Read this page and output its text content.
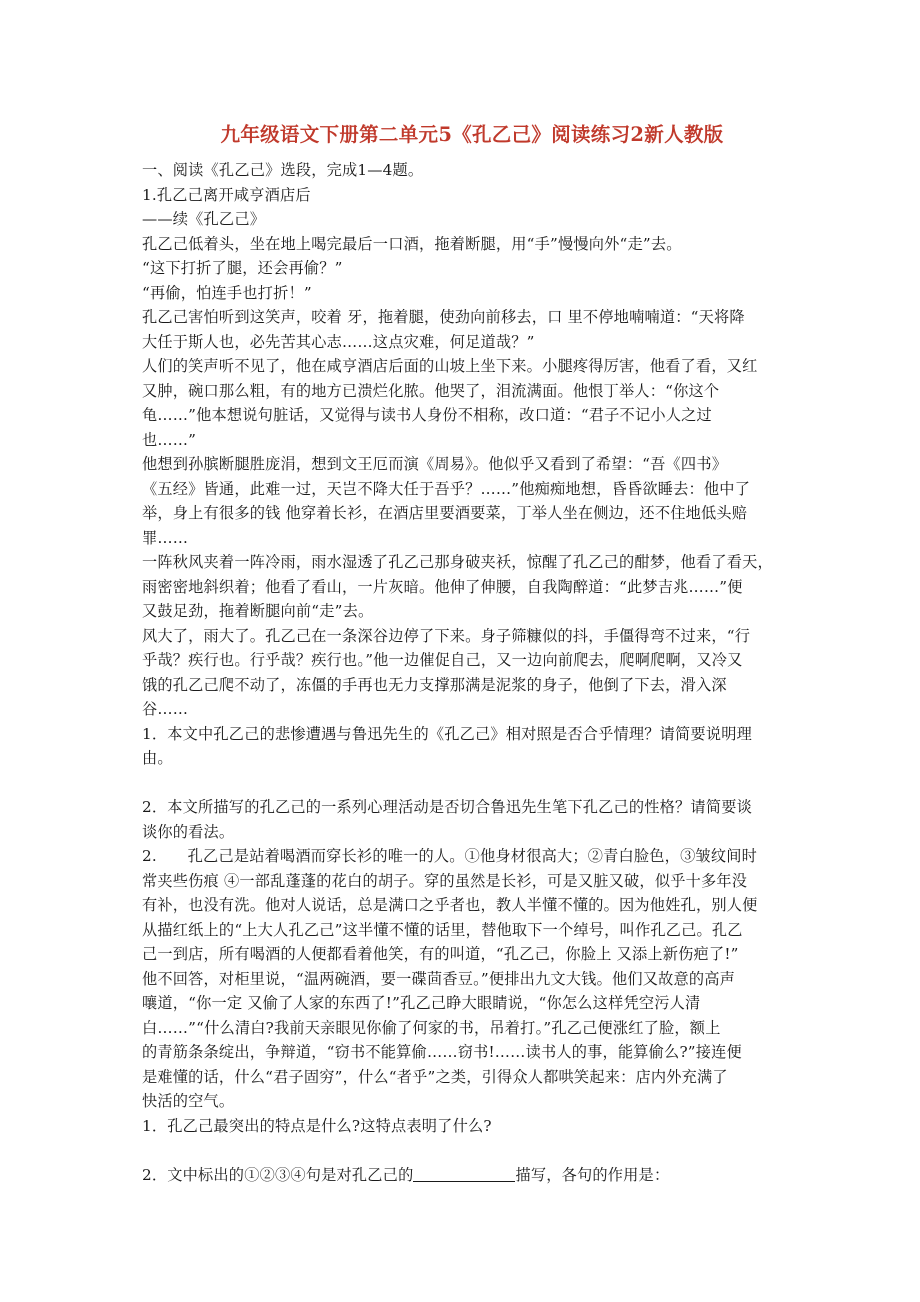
九年级语文下册第二单元5《孔乙己》阅读练习2新人教版
一、阅读《孔乙己》选段，完成1—4题。
1.孔乙己离开咸亨酒店后
——续《孔乙己》
孔乙己低着头，坐在地上喝完最后一口酒，拖着断腿，用“手”慢慢向外“走”去。
“这下打折了腿，还会再偷？”
“再偷，怕连手也打折！”
孔乙己害怕听到这笑声，咬着 牙，拖着腿，使劲向前移去，口 里不停地喃喃道：“天将降
大任于斯人也，必先苦其心志……这点灾难，何足道哉？”
人们的笑声听不见了，他在咸亨酒店后面的山坡上坐下来。小腿疼得厉害，他看了看，又红
又肿，碗口那么粗，有的地方已溃烂化脓。他哭了，泪流满面。他恨丁举人：“你这个
龟……”他本想说句脏话，又觉得与读书人身份不相称，改口道：“君子不记小人之过
也……”
他想到孙膑断腿胜庞涓，想到文王厄而演《周易》。他似乎又看到了希望：“吾《四书》
《五经》皆通，此难一过，天岂不降大任于吾乎？……”他痴痴地想，昏昏欲睡去：他中了
举，身上有很多的钱 他穿着长衫，在酒店里要酒要菜，丁举人坐在侧边，还不住地低头赔
罪……
一阵秋风夹着一阵冷雨，雨水湿透了孔乙己那身破夹袄，惊醒了孔乙己的酣梦，他看了看天，
雨密密地斜织着；他看了看山，一片灰暗。他伸了伸腰，自我陶醉道：“此梦吉兆……”便
又鼓足劲，拖着断腿向前“走”去。
风大了，雨大了。孔乙己在一条深谷边停了下来。身子筛糠似的抖，手僵得弯不过来，“行
乎哉？疾行也。行乎哉？疾行也。”他一边催促自己，又一边向前爬去，爬啊爬啊，又冷又
饿的孔乙己爬不动了，冻僵的手再也无力支撑那满是泥浆的身子，他倒了下去，滑入深
谷……
1．本文中孔乙己的悲惨遭遇与鲁迅先生的《孔乙己》相对照是否合乎情理？请简要说明理
由。
2．本文所描写的孔乙己的一系列心理活动是否切合鲁迅先生笔下孔乙己的性格？请简要谈
谈你的看法。
2.　　孔乙己是站着喝酒而穿长衫的唯一的人。①他身材很高大；②青白脸色，③皱纹间时
常夹些伤痕 ④一部乱蓬蓬的花白的胡子。穿的虽然是长衫，可是又脏又破，似乎十多年没
有补，也没有洗。他对人说话，总是满口之乎者也，教人半懂不懂的。因为他姓孔，别人便
从描红纸上的“上大人孔乙己”这半懂不懂的话里，替他取下一个绰号，叫作孔乙己。孔乙
己一到店，所有喝酒的人便都看着他笑，有的叫道，“孔乙己，你脸上 又添上新伤疤了!”
他不回答，对柜里说，“温两碗酒，要一碟茴香豆。”便排出九文大钱。他们又故意的高声
嚷道，“你一定 又偷了人家的东西了!”孔乙己睁大眼睛说，“你怎么这样凭空污人清
白……”“什么清白?我前天亲眼见你偷了何家的书，吊着打。”孔乙己便涨红了脸，额上
的青筋条条绽出，争辩道，“窃书不能算偷……窃书!……读书人的事，能算偷么?”接连便
是难懂的话，什么“君子固穷”，什么“者乎”之类，引得众人都哄笑起来：店内外充满了
快活的空气。
1．孔乙己最突出的特点是什么?这特点表明了什么?
2．文中标出的①②③④句是对孔乙己的	描写，各句的作用是：
